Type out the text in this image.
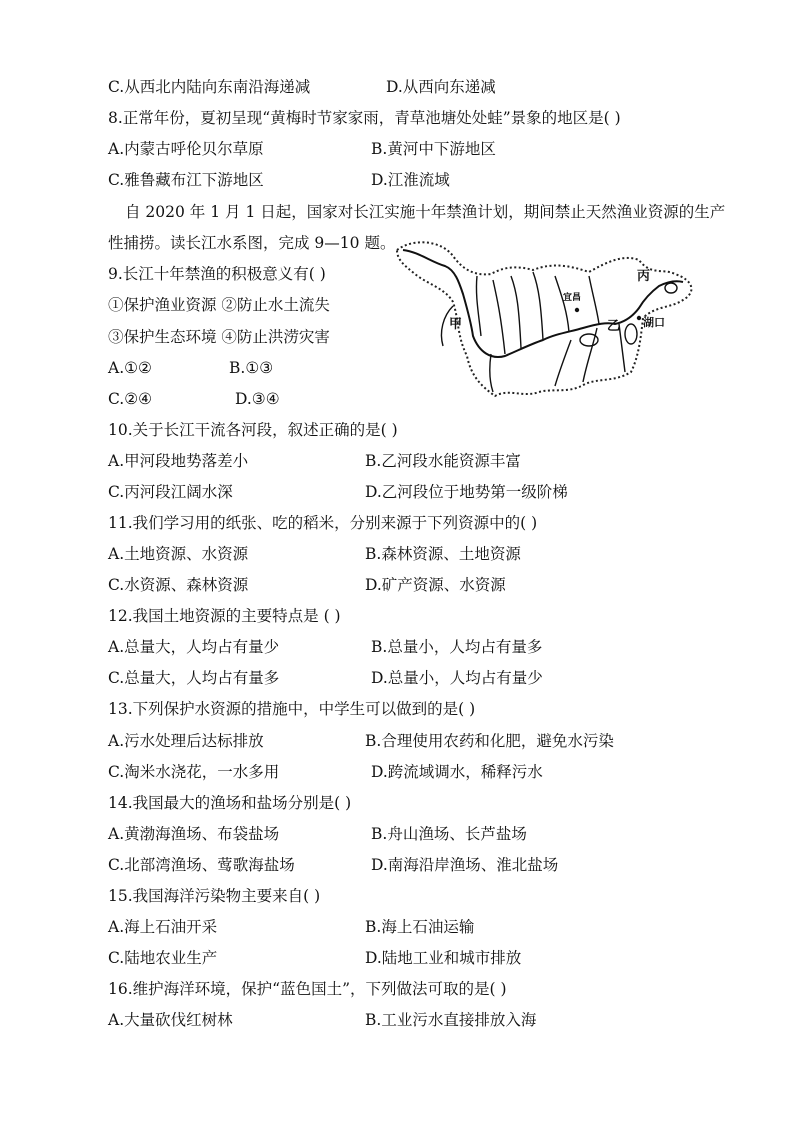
C.从西北内陆向东南沿海递减	D.从西向东递减
8.正常年份，夏初呈现“黄梅时节家家雨，青草池塘处处蛙”景象的地区是( )
A.内蒙古呼伦贝尔草原	B.黄河中下游地区
C.雅鲁藏布江下游地区	D.江淮流域
自 2020 年 1 月 1 日起，国家对长江实施十年禁渔计划，期间禁止天然渔业资源的生产
性捕捞。读长江水系图，完成 9—10 题。
9.长江十年禁渔的积极意义有( )
①保护渔业资源 ②防止水土流失
③保护生态环境 ④防止洪涝灾害
A.①②	B.①③
C.②④	D.③④
10.关于长江干流各河段，叙述正确的是( )
A.甲河段地势落差小	B.乙河段水能资源丰富
C.丙河段江阔水深	D.乙河段位于地势第一级阶梯
11.我们学习用的纸张、吃的稻米，分别来源于下列资源中的( )
A.土地资源、水资源	B.森林资源、土地资源
C.水资源、森林资源	D.矿产资源、水资源
12.我国土地资源的主要特点是 ( )
A.总量大，人均占有量少	B.总量小，人均占有量多
C.总量大，人均占有量多	D.总量小，人均占有量少
13.下列保护水资源的措施中，中学生可以做到的是( )
A.污水处理后达标排放	B.合理使用农药和化肥，避免水污染
C.淘米水浇花，一水多用	D.跨流域调水，稀释污水
14.我国最大的渔场和盐场分别是( )
A.黄渤海渔场、布袋盐场	B.舟山渔场、长芦盐场
C.北部湾渔场、莺歌海盐场	D.南海沿岸渔场、淮北盐场
15.我国海洋污染物主要来自( )
A.海上石油开采	B.海上石油运输
C.陆地农业生产	D.陆地工业和城市排放
16.维护海洋环境，保护“蓝色国土”，下列做法可取的是( )
A.大量砍伐红树林	B.工业污水直接排放入海
甲	乙
丙
宜昌
湖口
